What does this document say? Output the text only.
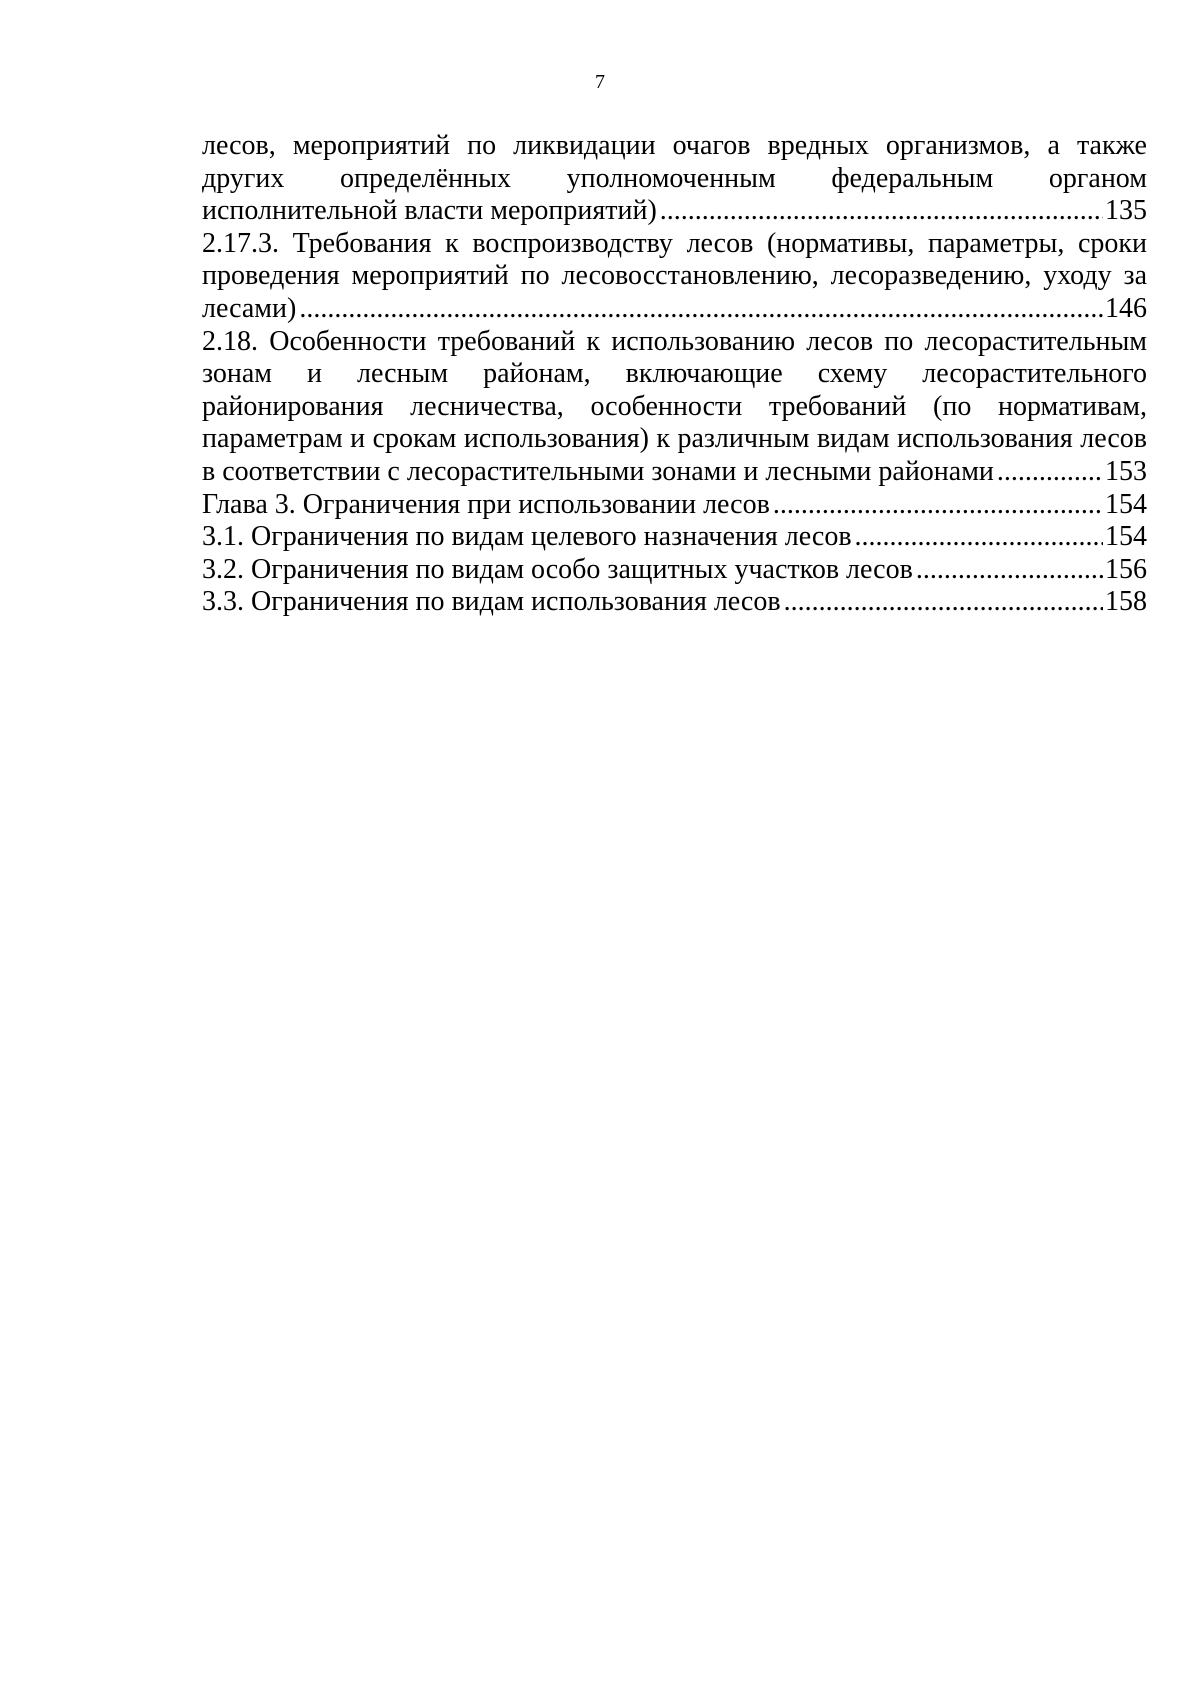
7
лесов, мероприятий по ликвидации очагов вредных организмов, а также
других определённых уполномоченным федеральным органом
исполнительной власти мероприятий) .....	135
2.17.3. Требования к воспроизводству лесов (нормативы, параметры, сроки
проведения мероприятий по лесовосстановлению, лесоразведению, уходу за
лесами) .....	146
2.18. Особенности требований к использованию лесов по лесорастительным
зонам и лесным районам, включающие схему лесорастительного
районирования лесничества, особенности требований (по нормативам,
параметрам и срокам использования) к различным видам использования лесов
в соответствии с лесорастительными зонами и лесными районами .....	153
Глава 3. Ограничения при использовании лесов .....	154
3.1. Ограничения по видам целевого назначения лесов .....	154
3.2. Ограничения по видам особо защитных участков лесов .....	156
3.3. Ограничения по видам использования лесов .....	158
